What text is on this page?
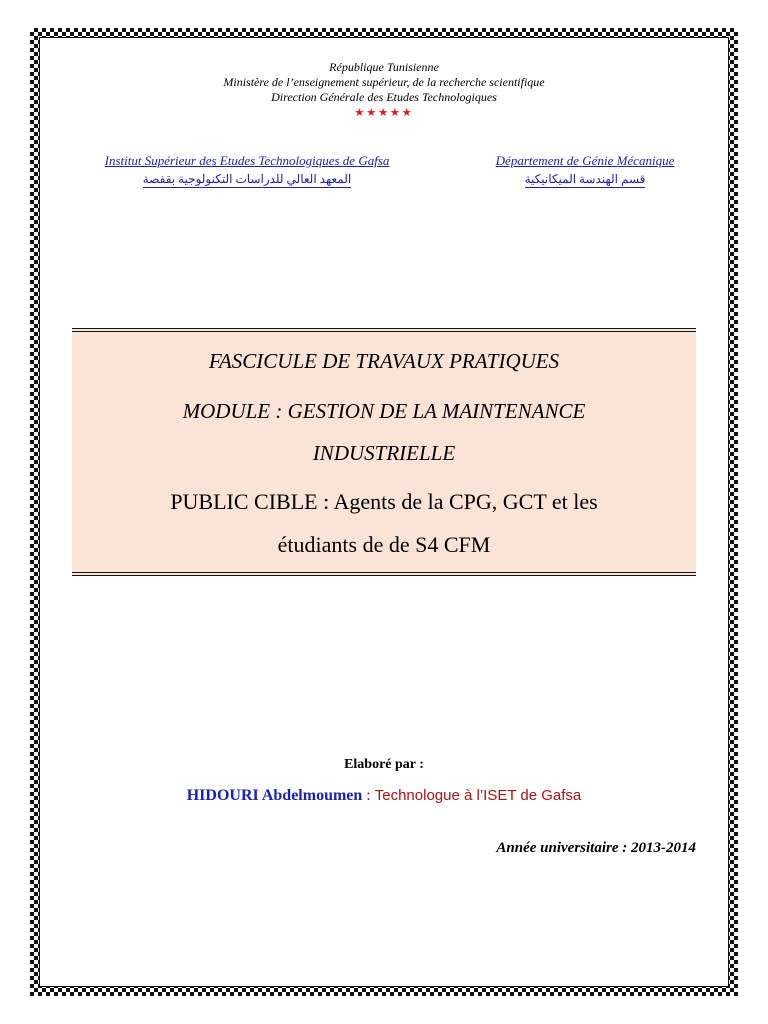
République Tunisienne
Ministère de l’enseignement supérieur, de la recherche scientifique
Direction Générale des Etudes Technologiques
★★★★★
Institut Supérieur des Etudes Technologiques de Gafsa
المعهد العالي للدراسات التكنولوجية بقفصة
Département de Génie Mécanique
قسم الهندسة الميكانيكية
FASCICULE DE TRAVAUX PRATIQUES
MODULE : GESTION DE LA MAINTENANCE
INDUSTRIELLE
PUBLIC CIBLE : Agents de la CPG, GCT et les
étudiants de de S4 CFM
Elaboré par :
HIDOURI Abdelmoumen : Technologue à l’ISET de Gafsa
Année universitaire : 2013-2014
